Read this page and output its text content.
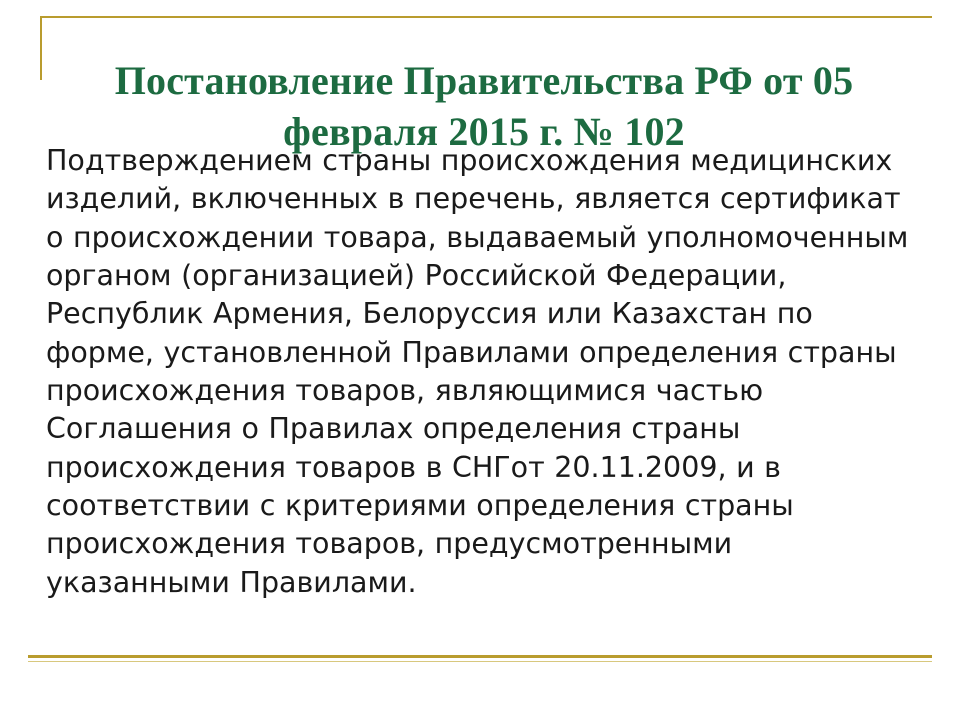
Постановление Правительства РФ от 05 февраля 2015 г. № 102
Подтверждением страны происхождения медицинских изделий, включенных в перечень, является сертификат о происхождении товара, выдаваемый уполномоченным органом (организацией) Российской Федерации, Республик Армения, Белоруссия или Казахстан по форме, установленной Правилами определения страны происхождения товаров, являющимися частью Соглашения о Правилах определения страны происхождения товаров в СНГот 20.11.2009, и в соответствии с критериями определения страны происхождения товаров, предусмотренными указанными Правилами.
